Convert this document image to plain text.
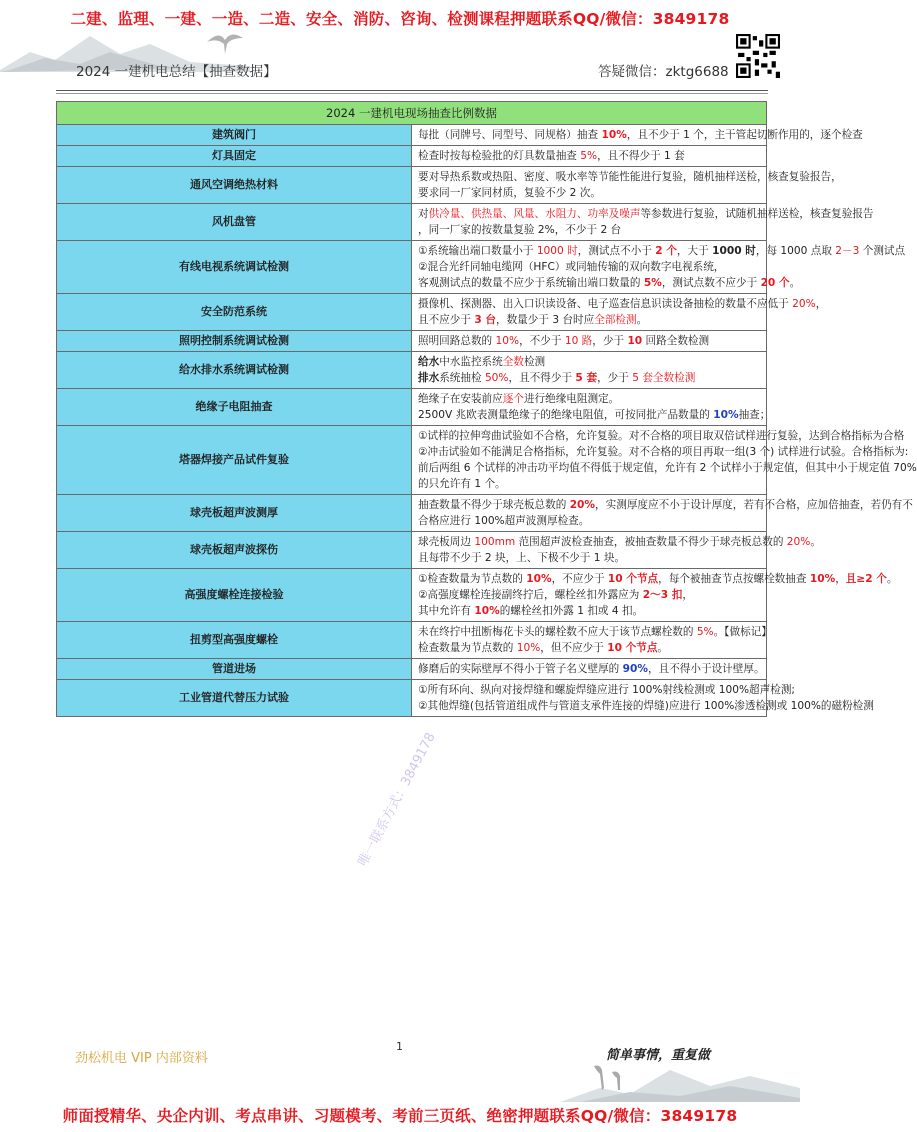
二建、监理、一建、一造、二造、安全、消防、咨询、检测课程押题联系QQ/微信：3849178
2024 一建机电总结【抽查数据】	答疑微信：zktg6688
2024 一建机电现场抽查比例数据	
建筑阀门	每批（同牌号、同型号、同规格）抽查 10%，且不少于 1 个，主干管起切断作用的，逐个检查

灯具固定	检查时按每检验批的灯具数量抽查 5%，且不得少于 1 套

通风空调绝热材料	要对导热系数或热阻、密度、吸水率等节能性能进行复验，随机抽样送检，核查复验报告，
要求同一厂家同材质，复验不少 2 次。

风机盘管	对供冷量、供热量、风量、水阻力、功率及噪声等参数进行复验，试随机抽样送检，核查复验报告
，同一厂家的按数量复验 2%，不少于 2 台

有线电视系统调试检测	①系统输出端口数量小于 1000 时，测试点不小于 2 个，大于 1000 时，每 1000 点取 2－3 个测试点
②混合光纤同轴电缆网（HFC）或同轴传输的双向数字电视系统，
客观测试点的数量不应少于系统输出端口数量的 5%，测试点数不应少于 20 个。

安全防范系统	摄像机、探测器、出入口识读设备、电子巡查信息识读设备抽检的数量不应低于 20%，
且不应少于 3 台，数量少于 3 台时应全部检测。

照明控制系统调试检测	照明回路总数的 10%，不少于 10 路，少于 10 回路全数检测

给水排水系统调试检测	给水中水监控系统全数检测
排水系统抽检 50%，且不得少于 5 套，少于 5 套全数检测

绝缘子电阻抽查	绝缘子在安装前应逐个进行绝缘电阻测定。
2500V 兆欧表测量绝缘子的绝缘电阻值，可按同批产品数量的 10%抽查；

塔器焊接产品试件复验	①试样的拉伸弯曲试验如不合格，允许复验。对不合格的项目取双倍试样进行复验，达到合格指标为合格
②冲击试验如不能满足合格指标，允许复验。对不合格的项目再取一组(3 个) 试样进行试验。合格指标为:
前后两组 6 个试样的冲击功平均值不得低于规定值，允许有 2 个试样小于规定值，但其中小于规定值 70%
的只允许有 1 个。

球壳板超声波测厚	抽查数量不得少于球壳板总数的 20%，实测厚度应不小于设计厚度，若有不合格，应加倍抽查，若仍有不
合格应进行 100%超声波测厚检查。

球壳板超声波探伤	球壳板周边 100mm 范围超声波检查抽查，被抽查数量不得少于球壳板总数的 20%。
且每带不少于 2 块，上、下极不少于 1 块。

高强度螺栓连接检验	①检查数量为节点数的 10%，不应少于 10 个节点，每个被抽查节点按螺栓数抽查 10%，且≥2 个。
②高强度螺栓连接副终拧后，螺栓丝扣外露应为 2～3 扣，
其中允许有 10%的螺栓丝扣外露 1 扣或 4 扣。

扭剪型高强度螺栓	未在终拧中扭断梅花卡头的螺栓数不应大于该节点螺栓数的 5%。【做标记】
检查数量为节点数的 10%，但不应少于 10 个节点。

管道进场	修磨后的实际壁厚不得小于管子名义壁厚的 90%，且不得小于设计壁厚。

工业管道代替压力试验	①所有环向、纵向对接焊缝和螺旋焊缝应进行 100%射线检测或 100%超声检测;
②其他焊缝(包括管道组成件与管道支承件连接的焊缝)应进行 100%渗透检测或 100%的磁粉检测
唯一联系方式：3849178
劲松机电 VIP 内部资料
1
简单事情，重复做
师面授精华、央企内训、考点串讲、习题模考、考前三页纸、绝密押题联系QQ/微信：3849178
